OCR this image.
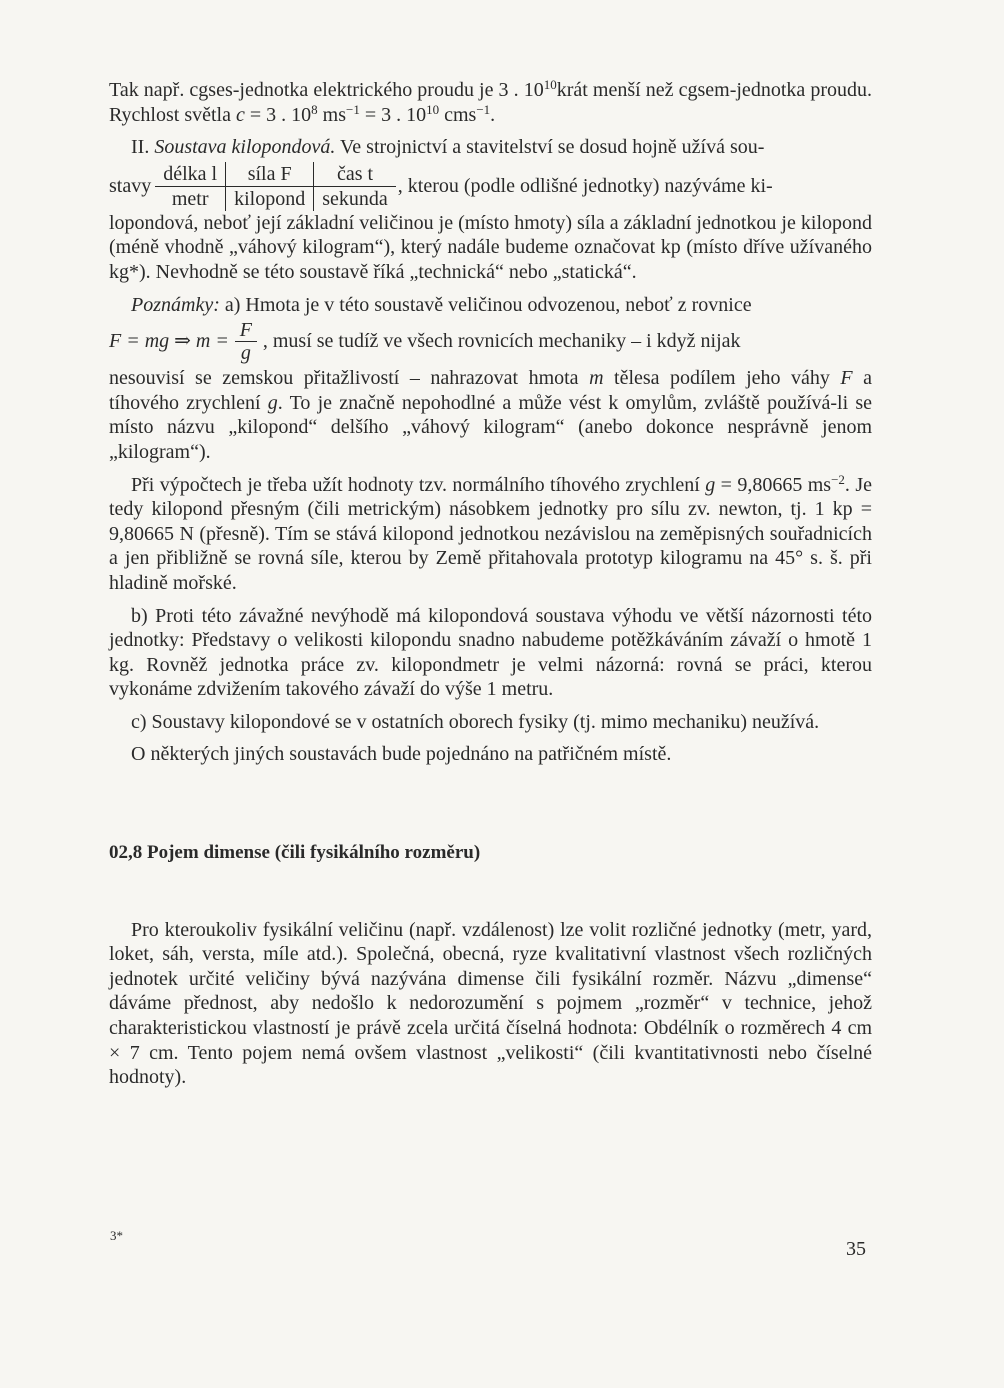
Tak např. cgses-jednotka elektrického proudu je 3 . $10^{10}krát$ menší než cgsem-jednotka proudu. Rychlost světla c = 3 . $10^8$ $ms^{-1} = 3$ . $10^{10}$ cms$^{-1}$.

II. Soustava kilopondová. Ve strojnictví a stavitelství se dosud hojně užívá sou-

stavy
délka l	síla F	čas t
metr	kilopond	sekunda
, kterou (podle odlišné jednotky) nazýváme ki-

lopondová, neboť její základní veličinou je (místo hmoty) síla a základní jednotkou je kilopond (méně vhodně „váhový kilogram“), který nadále budeme označovat kp (místo dříve užívaného kg*). Nevhodně se této soustavě říká „technická“ nebo „statická“.

Poznámky: a) Hmota je v této soustavě veličinou odvozenou, neboť z rovnice

F = mg ⇒ $m = \frac{F}{g}$ , musí se tudíž ve všech rovnicích mechaniky – i když nijak

nesouvisí se zemskou přitažlivostí – nahrazovat hmota m tělesa podílem jeho váhy F a tíhového zrychlení g. To je značně nepohodlné a může vést k omylům, zvláště používá-li se místo názvu „kilopond“ delšího „váhový kilogram“ (anebo dokonce nesprávně jenom „kilogram“).

Při výpočtech je třeba užít hodnoty tzv. normálního tíhového zrychlení g = 9,80665 $ms^{-2}$. Je tedy kilopond přesným (čili metrickým) násobkem jednotky pro sílu zv. newton, tj. 1 kp = 9,80665 N (přesně). Tím se stává kilopond jednotkou nezávislou na zeměpisných souřadnicích a jen přibližně se rovná síle, kterou by Země přitahovala prototyp kilogramu na 45° s. š. při hladině mořské.

b) Proti této závažné nevýhodě má kilopondová soustava výhodu ve větší názornosti této jednotky: Představy o velikosti kilopondu snadno nabudeme potěžkáváním závaží o hmotě 1 kg. Rovněž jednotka práce zv. kilopondmetr je velmi názorná: rovná se práci, kterou vykonáme zdvižením takového závaží do výše 1 metru.

c) Soustavy kilopondové se v ostatních oborech fysiky (tj. mimo mechaniku) neužívá.

O některých jiných soustavách bude pojednáno na patřičném místě.

02,8 Pojem dimense (čili fysikálního rozměru)

Pro kteroukoliv fysikální veličinu (např. vzdálenost) lze volit rozličné jednotky (metr, yard, loket, sáh, versta, míle atd.). Společná, obecná, ryze kvalitativní vlastnost všech rozličných jednotek určité veličiny bývá nazývána dimense čili fysikální rozměr. Názvu „dimense“ dáváme přednost, aby nedošlo k nedorozumění s pojmem „rozměr“ v technice, jehož charakteristickou vlastností je právě zcela určitá číselná hodnota: Obdélník o rozměrech 4 cm × 7 cm. Tento pojem nemá ovšem vlastnost „velikosti“ (čili kvantitativnosti nebo číselné hodnoty).

3*
35
